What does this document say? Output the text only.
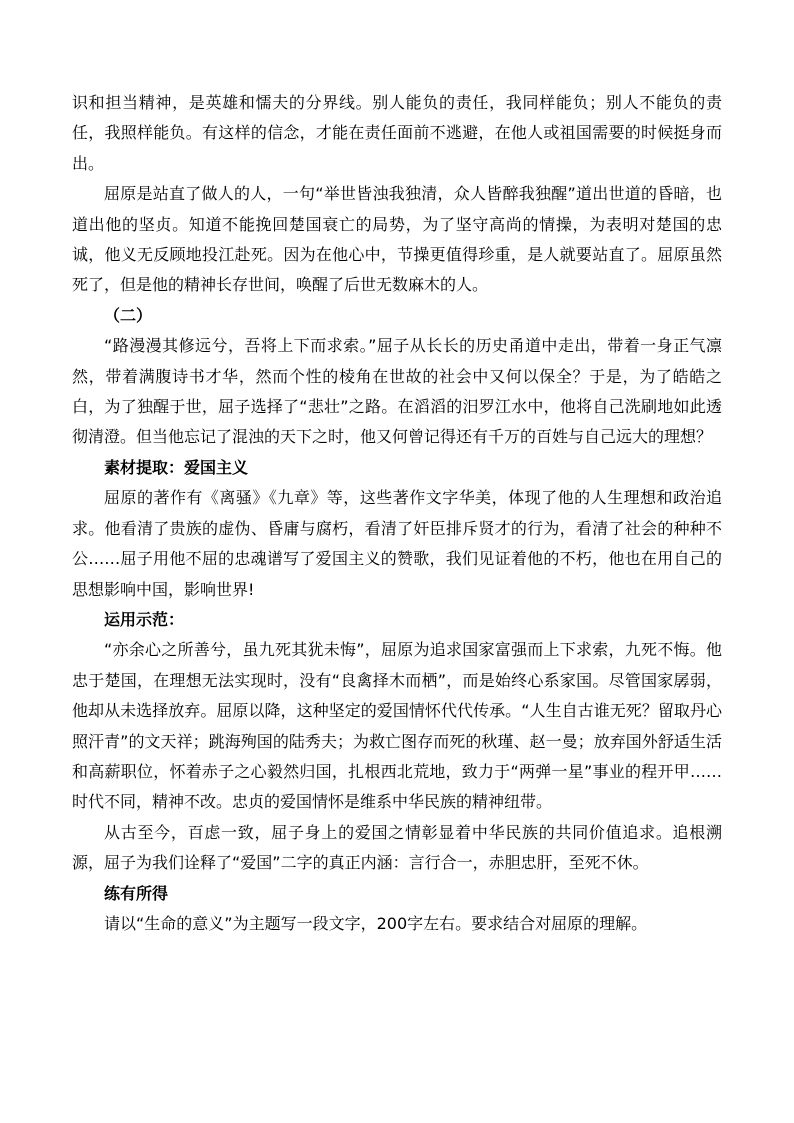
识和担当精神，是英雄和懦夫的分界线。别人能负的责任，我同样能负；别人不能负的责任，我照样能负。有这样的信念，才能在责任面前不逃避，在他人或祖国需要的时候挺身而出。

屈原是站直了做人的人，一句“举世皆浊我独清，众人皆醉我独醒”道出世道的昏暗，也道出他的坚贞。知道不能挽回楚国衰亡的局势，为了坚守高尚的情操，为表明对楚国的忠诚，他义无反顾地投江赴死。因为在他心中，节操更值得珍重，是人就要站直了。屈原虽然死了，但是他的精神长存世间，唤醒了后世无数麻木的人。

（二）

“路漫漫其修远兮，吾将上下而求索。”屈子从长长的历史甬道中走出，带着一身正气凛然，带着满腹诗书才华，然而个性的棱角在世故的社会中又何以保全？于是，为了皓皓之白，为了独醒于世，屈子选择了“悲壮”之路。在滔滔的汨罗江水中，他将自己洗刷地如此透彻清澄。但当他忘记了混浊的天下之时，他又何曾记得还有千万的百姓与自己远大的理想？

素材提取：爱国主义

屈原的著作有《离骚》《九章》等，这些著作文字华美，体现了他的人生理想和政治追求。他看清了贵族的虚伪、昏庸与腐朽，看清了奸臣排斥贤才的行为，看清了社会的种种不公……屈子用他不屈的忠魂谱写了爱国主义的赞歌，我们见证着他的不朽，他也在用自己的思想影响中国，影响世界!

运用示范：

“亦余心之所善兮，虽九死其犹未悔”，屈原为追求国家富强而上下求索，九死不悔。他忠于楚国，在理想无法实现时，没有“良禽择木而栖”，而是始终心系家国。尽管国家孱弱，他却从未选择放弃。屈原以降，这种坚定的爱国情怀代代传承。“人生自古谁无死？留取丹心照汗青”的文天祥；跳海殉国的陆秀夫；为救亡图存而死的秋瑾、赵一曼；放弃国外舒适生活和高薪职位，怀着赤子之心毅然归国，扎根西北荒地，致力于“两弹一星”事业的程开甲……时代不同，精神不改。忠贞的爱国情怀是维系中华民族的精神纽带。

从古至今，百虑一致，屈子身上的爱国之情彰显着中华民族的共同价值追求。追根溯源，屈子为我们诠释了“爱国”二字的真正内涵：言行合一，赤胆忠肝，至死不休。

练有所得

请以“生命的意义”为主题写一段文字，200字左右。要求结合对屈原的理解。
